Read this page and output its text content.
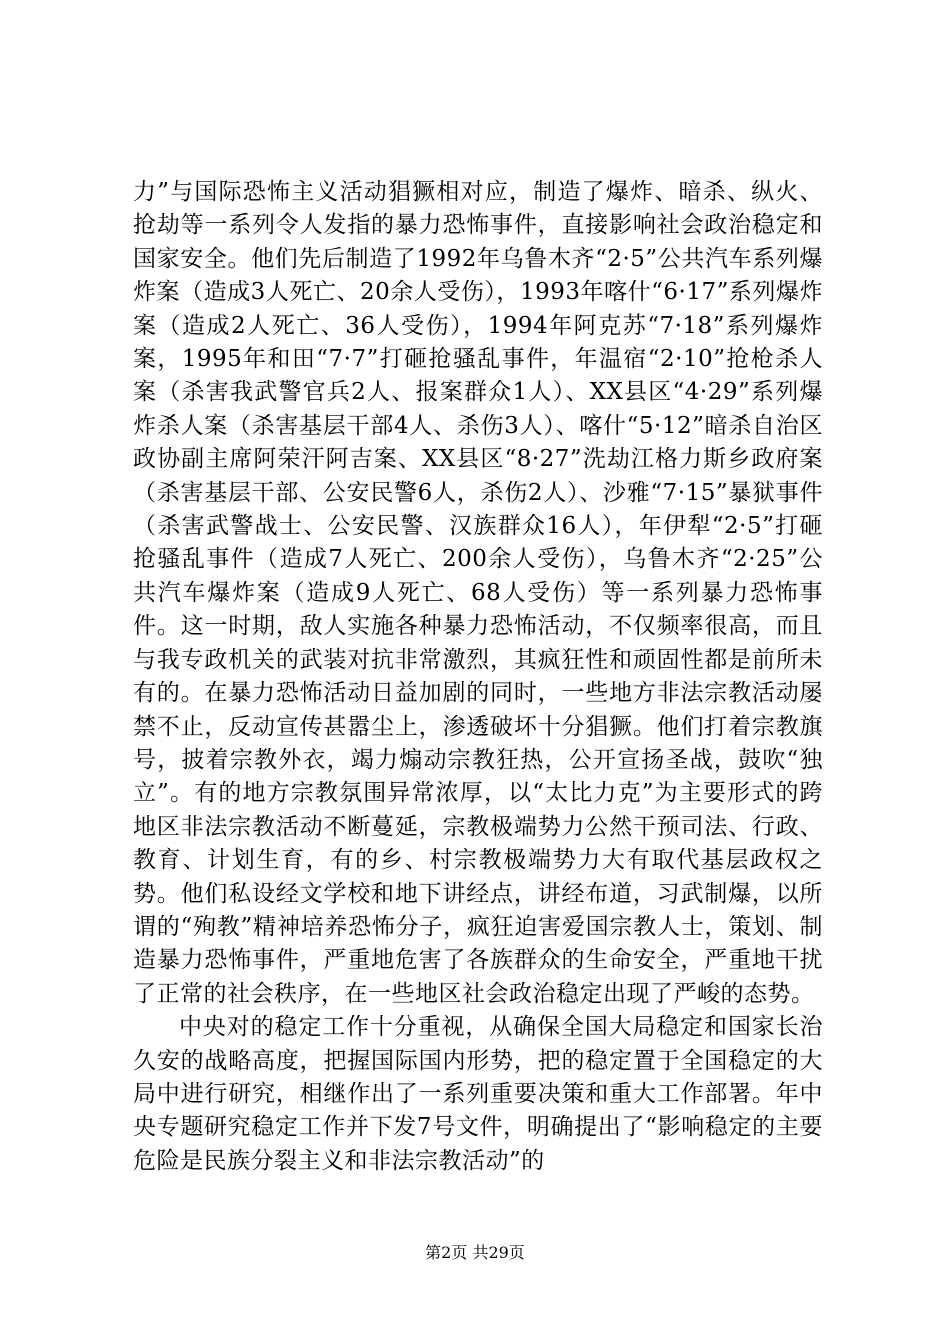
力”与国际恐怖主义活动猖獗相对应，制造了爆炸、暗杀、纵火、抢劫等一系列令人发指的暴力恐怖事件，直接影响社会政治稳定和国家安全。他们先后制造了1992年乌鲁木齐“2·5”公共汽车系列爆炸案（造成3人死亡、20余人受伤），1993年喀什“6·17”系列爆炸案（造成2人死亡、36人受伤），1994年阿克苏“7·18”系列爆炸案，1995年和田“7·7”打砸抢骚乱事件，年温宿“2·10”抢枪杀人案（杀害我武警官兵2人、报案群众1人）、XX县区“4·29”系列爆炸杀人案（杀害基层干部4人、杀伤3人）、喀什“5·12”暗杀自治区政协副主席阿荣汗阿吉案、XX县区“8·27”洗劫江格力斯乡政府案（杀害基层干部、公安民警6人，杀伤2人）、沙雅“7·15”暴狱事件（杀害武警战士、公安民警、汉族群众16人），年伊犁“2·5”打砸抢骚乱事件（造成7人死亡、200余人受伤），乌鲁木齐“2·25”公共汽车爆炸案（造成9人死亡、68人受伤）等一系列暴力恐怖事件。这一时期，敌人实施各种暴力恐怖活动，不仅频率很高，而且与我专政机关的武装对抗非常激烈，其疯狂性和顽固性都是前所未有的。在暴力恐怖活动日益加剧的同时，一些地方非法宗教活动屡禁不止，反动宣传甚嚣尘上，渗透破坏十分猖獗。他们打着宗教旗号，披着宗教外衣，竭力煽动宗教狂热，公开宣扬圣战，鼓吹“独立”。有的地方宗教氛围异常浓厚，以“太比力克”为主要形式的跨地区非法宗教活动不断蔓延，宗教极端势力公然干预司法、行政、教育、计划生育，有的乡、村宗教极端势力大有取代基层政权之势。他们私设经文学校和地下讲经点，讲经布道，习武制爆，以所谓的“殉教”精神培养恐怖分子，疯狂迫害爱国宗教人士，策划、制造暴力恐怖事件，严重地危害了各族群众的生命安全，严重地干扰了正常的社会秩序，在一些地区社会政治稳定出现了严峻的态势。

中央对的稳定工作十分重视，从确保全国大局稳定和国家长治久安的战略高度，把握国际国内形势，把的稳定置于全国稳定的大局中进行研究，相继作出了一系列重要决策和重大工作部署。年中央专题研究稳定工作并下发7号文件，明确提出了“影响稳定的主要危险是民族分裂主义和非法宗教活动”的

第2页 共29页
